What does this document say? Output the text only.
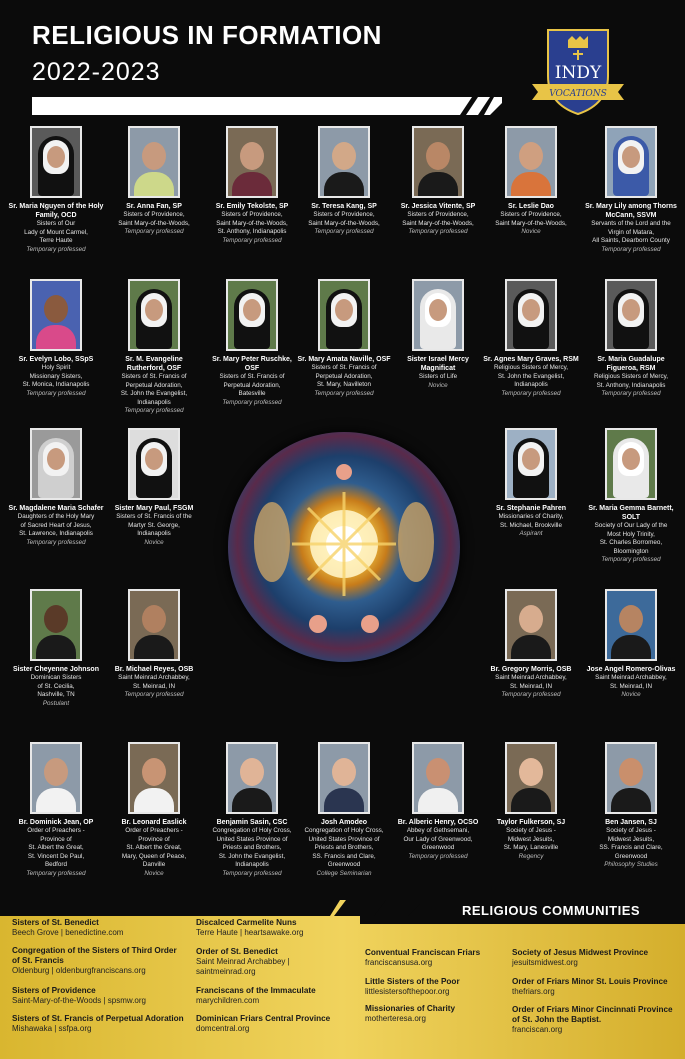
RELIGIOUS IN FORMATION
2022-2023	INDY
VOCATIONS
Sr. Maria Nguyen of the Holy Family, OCD
Sisters of Our
Lady of Mount Carmel,
Terre Haute
Temporary professed
Sr. Anna Fan, SP
Sisters of Providence,
Saint Mary-of-the-Woods,
Temporary professed
Sr. Emily Tekolste, SP
Sisters of Providence,
Saint Mary-of-the-Woods,
St. Anthony, Indianapolis
Temporary professed
Sr. Teresa Kang, SP
Sisters of Providence,
Saint Mary-of-the-Woods,
Temporary professed
Sr. Jessica Vitente, SP
Sisters of Providence,
Saint Mary-of-the-Woods,
Temporary professed
Sr. Leslie Dao
Sisters of Providence,
Saint Mary-of-the-Woods,
Novice
Sr. Mary Lily among Thorns McCann, SSVM
Servants of the Lord and the
Virgin of Matara,
All Saints, Dearborn County
Temporary professed
Sr. Evelyn Lobo, SSpS
Holy Spirit
Missionary Sisters,
St. Monica, Indianapolis
Temporary professed
Sr. M. Evangeline Rutherford, OSF
Sisters of St. Francis of
Perpetual Adoration,
St. John the Evangelist,
Indianapolis
Temporary professed
Sr. Mary Peter Ruschke, OSF
Sisters of St. Francis of
Perpetual Adoration,
Batesville
Temporary professed
Sr. Mary Amata Naville, OSF
Sisters of St. Francis of
Perpetual Adoration,
St. Mary, Navilleton
Temporary professed
Sister Israel Mercy Magnificat
Sisters of Life
Novice
Sr. Agnes Mary Graves, RSM
Religious Sisters of Mercy,
St. John the Evangelist,
Indianapolis
Temporary professed
Sr. Maria Guadalupe Figueroa, RSM
Religious Sisters of Mercy,
St. Anthony, Indianapolis
Temporary professed
Sr. Magdalene Maria Schafer
Daughters of the Holy Mary
of Sacred Heart of Jesus,
St. Lawrence, Indianapolis
Temporary professed
Sister Mary Paul, FSGM
Sisters of St. Francis of the
Martyr St. George,
Indianapolis
Novice
Sr. Stephanie Pahren
Missionaries of Charity,
St. Michael, Brookville
Aspirant
Sr. Maria Gemma Barnett, SOLT
Society of Our Lady of the
Most Holy Trinity,
St. Charles Borromeo,
Bloomington
Temporary professed
Sister Cheyenne Johnson
Dominican Sisters
of St. Cecilia,
Nashville, TN
Postulant
Br. Michael Reyes, OSB
Saint Meinrad Archabbey,
St. Meinrad, IN
Temporary professed
Br. Gregory Morris, OSB
Saint Meinrad Archabbey,
St. Meinrad, IN
Temporary professed
Jose Angel Romero-Olivas
Saint Meinrad Archabbey,
St. Meinrad, IN
Novice
Br. Dominick Jean, OP
Order of Preachers -
Province of
St. Albert the Great,
St. Vincent De Paul,
Bedford
Temporary professed
Br. Leonard Easlick
Order of Preachers -
Province of
St. Albert the Great,
Mary, Queen of Peace,
Danville
Novice
Benjamin Sasin, CSC
Congregation of Holy Cross,
United States Province of
Priests and Brothers,
St. John the Evangelist,
Indianapolis
Temporary professed
Josh Amodeo
Congregation of Holy Cross,
United States Province of
Priests and Brothers,
SS. Francis and Clare,
Greenwood
College Seminarian
Br. Alberic Henry, OCSO
Abbey of Gethsemani,
Our Lady of Greenwood,
Greenwood
Temporary professed
Taylor Fulkerson, SJ
Society of Jesus -
Midwest Jesuits,
St. Mary, Lanesville
Regency
Ben Jansen, SJ
Society of Jesus -
Midwest Jesuits,
SS. Francis and Clare,
Greenwood
Philosophy Studies
RELIGIOUS COMMUNITIES
Sisters of St. Benedict
Beech Grove | benedictine.com
Congregation of the Sisters of Third Order of St. Francis
Oldenburg | oldenburgfranciscans.org
Sisters of Providence
Saint-Mary-of-the-Woods | spsmw.org
Sisters of St. Francis of Perpetual Adoration
Mishawaka | ssfpa.org
Discalced Carmelite Nuns
Terre Haute | heartsawake.org
Order of St. Benedict
Saint Meinrad Archabbey | saintmeinrad.org
Franciscans of the Immaculate
marychildren.com
Dominican Friars Central Province
domcentral.org
Conventual Franciscan Friars
franciscansusa.org
Little Sisters of the Poor
littlesistersofthepoor.org
Missionaries of Charity
motherteresa.org
Society of Jesus Midwest Province
jesuitsmidwest.org
Order of Friars Minor St. Louis Province
thefriars.org
Order of Friars Minor Cincinnati Province of St. John the Baptist.
franciscan.org
